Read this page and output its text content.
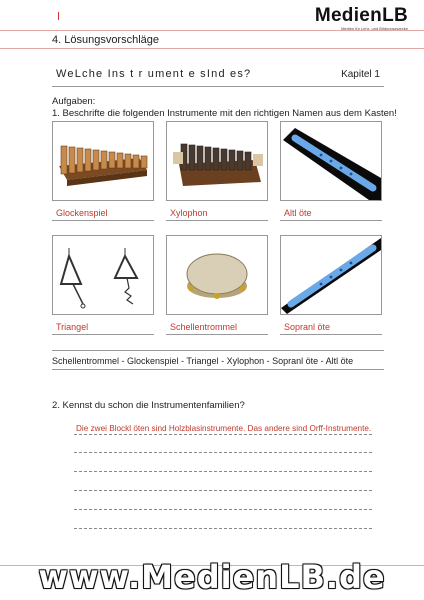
MedienLB
Medien für Lehr- und Bildungszwecke
4. Lösungsvorschläge
WeLche Ins t r ument e sInd es?	Kapitel 1
Aufgaben:
1. Beschrifte die folgenden Instrumente mit den richtigen Namen aus dem Kasten!
Glockenspiel	Xylophon	Altl öte
Triangel	Schellentrommel	Sopranl öte
Schellentrommel - Glockenspiel - Triangel - Xylophon - Sopranl öte - Altl öte
2. Kennst du schon die Instrumentenfamilien?
Die zwei Blockl öten sind Holzblasinstrumente. Das andere sind Orff-Instrumente.
www.MedienLB.de
